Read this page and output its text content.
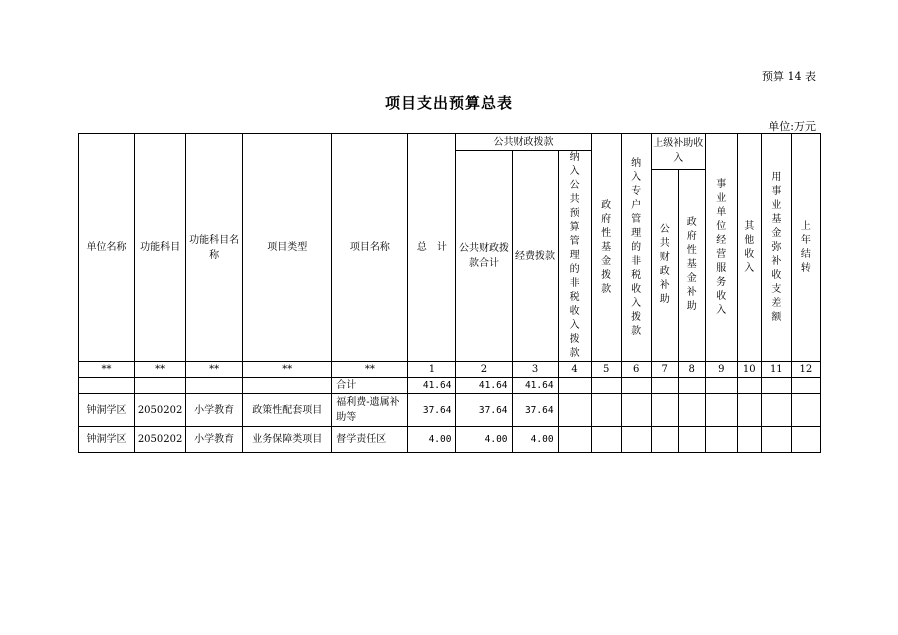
预算 14 表
项目支出预算总表
单位:万元
单位名称	功能科目	功能科目名称	项目类型	项目名称	总　计	公共财政拨款			政府性基金拨款	纳入专户管理的非税收入拨款	上级补助收入		事业单位经营服务收入	其他收入	用事业基金弥补收支差额	上年结转
						公共财政拨款合计	经费拨款	纳入公共预算管理的非税收入拨款								
											公共财政补助	政府性基金补助				
**	**	**	**	**	1	2	3	4	5	6	7	8	9	10	11	12
				合计	41.64	41.64	41.64									
钟洞学区	2050202	小学教育	政策性配套项目	福利费-遗属补助等	37.64	37.64	37.64									
钟洞学区	2050202	小学教育	业务保障类项目	督学责任区	4.00	4.00	4.00									
